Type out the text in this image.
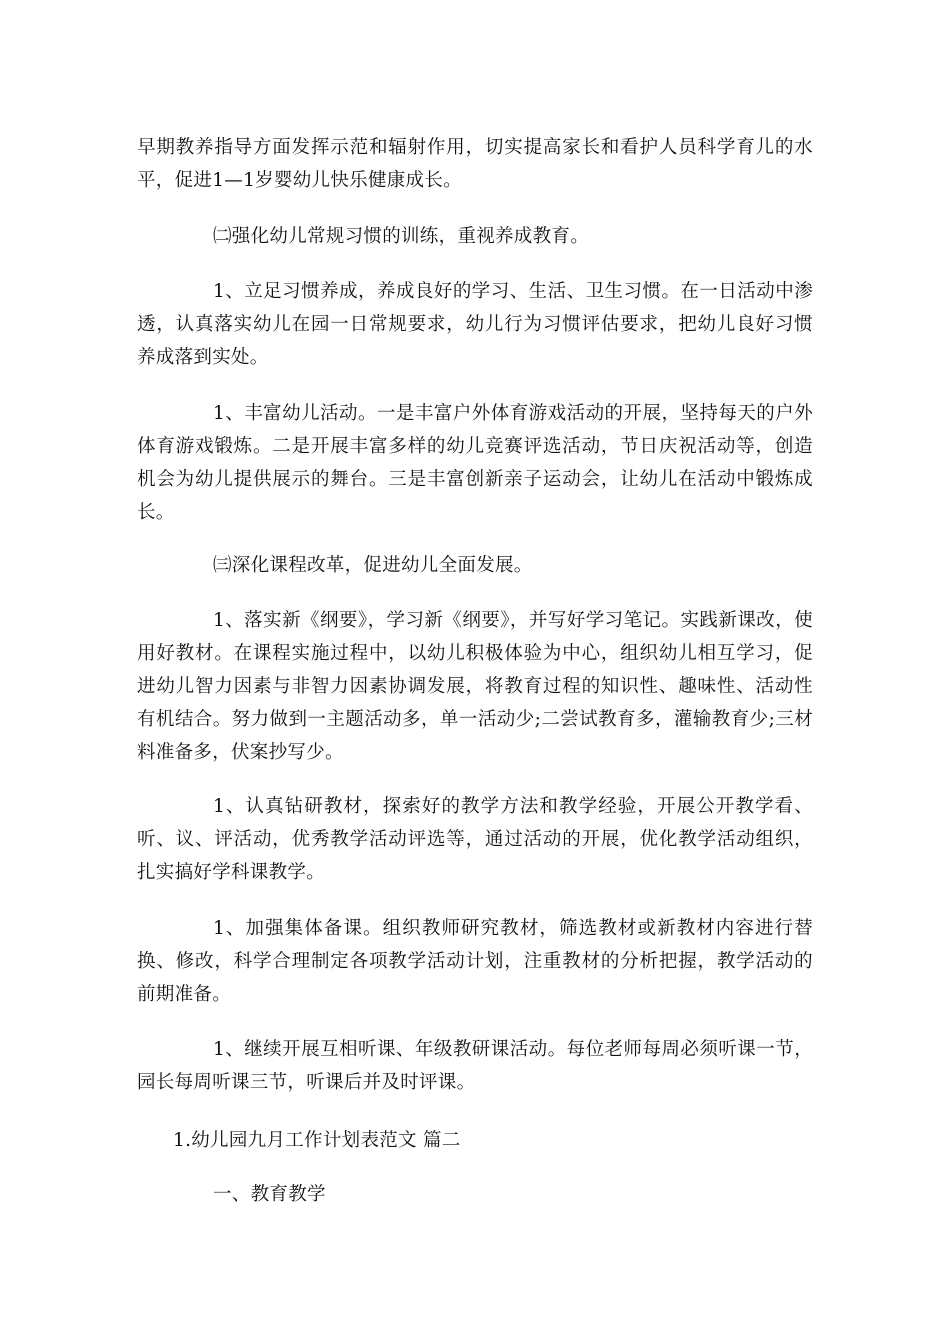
早期教养指导方面发挥示范和辐射作用，切实提高家长和看护人员科学育儿的水平，促进1—1岁婴幼儿快乐健康成长。

㈡强化幼儿常规习惯的训练，重视养成教育。

1、立足习惯养成，养成良好的学习、生活、卫生习惯。在一日活动中渗透，认真落实幼儿在园一日常规要求，幼儿行为习惯评估要求，把幼儿良好习惯养成落到实处。

1、丰富幼儿活动。一是丰富户外体育游戏活动的开展，坚持每天的户外体育游戏锻炼。二是开展丰富多样的幼儿竞赛评选活动，节日庆祝活动等，创造机会为幼儿提供展示的舞台。三是丰富创新亲子运动会，让幼儿在活动中锻炼成长。

㈢深化课程改革，促进幼儿全面发展。

1、落实新《纲要》，学习新《纲要》，并写好学习笔记。实践新课改，使用好教材。在课程实施过程中，以幼儿积极体验为中心，组织幼儿相互学习，促进幼儿智力因素与非智力因素协调发展，将教育过程的知识性、趣味性、活动性有机结合。努力做到一主题活动多，单一活动少;二尝试教育多，灌输教育少;三材料准备多，伏案抄写少。

1、认真钻研教材，探索好的教学方法和教学经验，开展公开教学看、听、议、评活动，优秀教学活动评选等，通过活动的开展，优化教学活动组织，扎实搞好学科课教学。

1、加强集体备课。组织教师研究教材，筛选教材或新教材内容进行替换、修改，科学合理制定各项教学活动计划，注重教材的分析把握，教学活动的前期准备。

1、继续开展互相听课、年级教研课活动。每位老师每周必须听课一节，园长每周听课三节，听课后并及时评课。

1.幼儿园九月工作计划表范文 篇二

一、教育教学
